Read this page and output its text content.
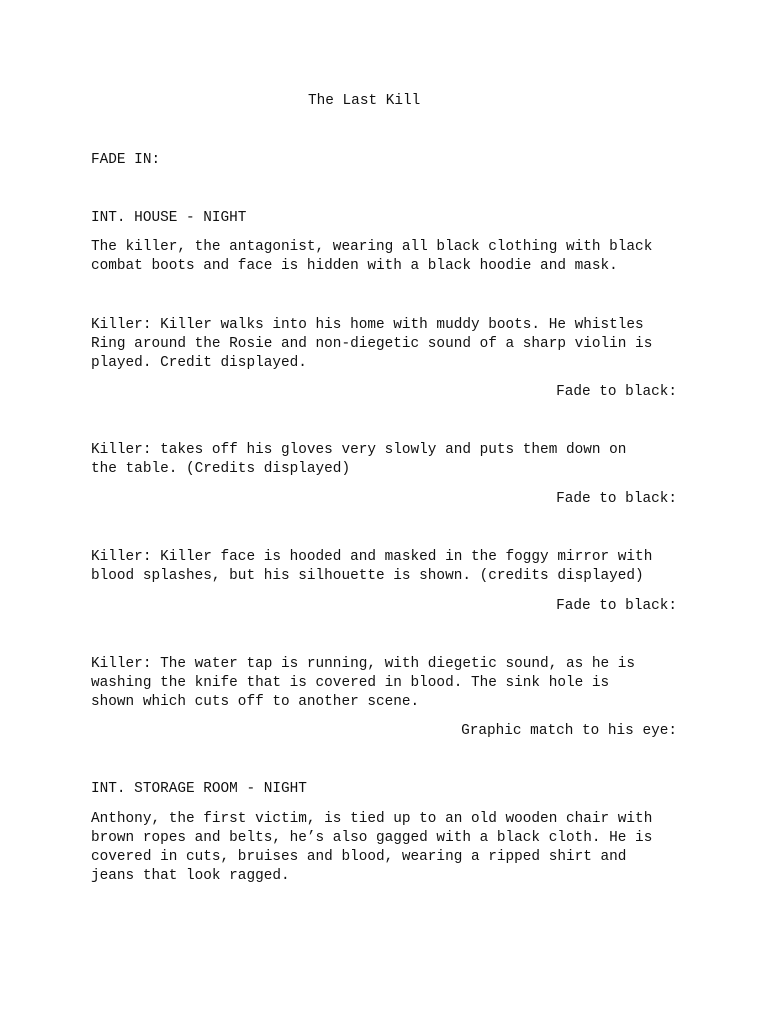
The Last Kill
FADE IN:
INT. HOUSE - NIGHT
The killer, the antagonist, wearing all black clothing with black
combat boots and face is hidden with a black hoodie and mask.
Killer: Killer walks into his home with muddy boots. He whistles
Ring around the Rosie and non-diegetic sound of a sharp violin is
played. Credit displayed.
Fade to black:
Killer: takes off his gloves very slowly and puts them down on
the table. (Credits displayed)
Fade to black:
Killer: Killer face is hooded and masked in the foggy mirror with
blood splashes, but his silhouette is shown. (credits displayed)
Fade to black:
Killer: The water tap is running, with diegetic sound, as he is
washing the knife that is covered in blood. The sink hole is
shown which cuts off to another scene.
Graphic match to his eye:
INT. STORAGE ROOM - NIGHT
Anthony, the first victim, is tied up to an old wooden chair with
brown ropes and belts, he’s also gagged with a black cloth. He is
covered in cuts, bruises and blood, wearing a ripped shirt and
jeans that look ragged.
